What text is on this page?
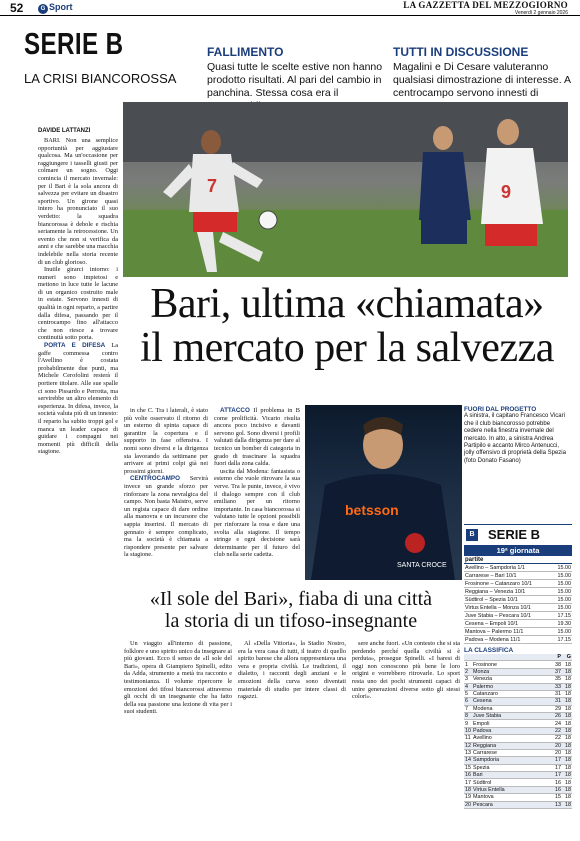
52	G Sport	LA GAZZETTA DEL MEZZOGIORNO
Venerdì 2 gennaio 2026
SERIE B
LA CRISI BIANCOROSSA
FALLIMENTO
Quasi tutte le scelte estive non hanno prodotto risultati. Al pari del cambio in panchina. Stessa cosa era il
TUTTI IN DISCUSSIONE
Magalini e Di Cesare valuteranno qualsiasi dimostrazione di interesse. A centrocampo servono innesti di
7	9
Bari, ultima «chiamata»
il mercato per la salvezza
DAVIDE LATTANZI

BARI. Non una semplice opportunità per aggiustare qualcosa. Ma un'occasione per raggiungere i tasselli giusti per colmare un sogno. Oggi comincia il mercato invernale: per il Bari è la sola ancora di salvezza per evitare un disastro sportivo. Un girone quasi intero ha pronunciato il suo verdetto: la squadra biancorossa è debole e rischia seriamente la retrocessione. Un evento che non si verifica da anni e che sarebbe una macchia indelebile nella storia recente di un club glorioso.

Inutile girarci intorno: i numeri sono impietosi e mettono in luce tutte le lacune di un organico costruito male in estate. Servono innesti di qualità in ogni reparto, a partire dalla difesa, passando per il centrocampo fino all'attacco che non riesce a trovare continuità sotto porta.

PORTA E DIFESA La gaffe commessa contro l'Avellino è costata probabilmente due punti, ma Michele Cerofolini resterà il portiere titolare. Alle sue spalle ci sono Pissardo e Perrotta, ma servirebbe un altro elemento di esperienza. In difesa, invece, la società valuta più di un innesto: il reparto ha subito troppi gol e manca un leader capace di guidare i compagni nei momenti più difficili della stagione.

in che C. Tra i laterali, è stato più volte osservato il ritorno di un esterno di spinta capace di garantire la copertura e il supporto in fase offensiva. I nomi sono diversi e la dirigenza sta lavorando da settimane per arrivare ai primi colpi già nei prossimi giorni.

CENTROCAMPO Servirà invece un grande sforzo per rinforzare la zona nevralgica del campo. Non basta Maistro, serve un regista capace di dare ordine alla manovra e un incursore che sappia inserirsi. Il mercato di gennaio è sempre complicato, ma la società è chiamata a rispondere presente per salvare la stagione.

ATTACCO Il problema in B come prolificità. Vicario risulta ancora poco incisivo e davanti servono gol. Sono diversi i profili valutati dalla dirigenza per dare al tecnico un bomber di categoria in grado di trascinare la squadra fuori dalla zona calda.

uscita dal Modena: fantasista o esterno che vuole ritrovare la sua verve. Tra le punte, invece, è vivo il dialogo sempre con il club emiliano per un ritorno importante. In casa biancorossa si valutano tutte le opzioni possibili per rinforzare la rosa e dare una svolta alla stagione. Il tempo stringe e ogni decisione sarà determinante per il futuro del club nella serie cadetta.

betsson
SANTA CROCE
FUORI DAL PROGETTO
A sinistra, il capitano Francesco Vicari che il club biancorosso potrebbe cedere nella finestra invernale del mercato. In alto, a sinistra Andrea Partipilo e accanto Mirco Antenucci, jolly offensivo di proprietà della Spezia (foto Donato Fasano)
«Il sole del Bari», fiaba di una città
la storia di un tifoso-insegnante

Un viaggio all'interno di passione, folklore e uno spirito unico da insegnare ai più giovani. Ecco il senso de «Il sole del Bari», opera di Giampiero Spinelli, edito da Adda, strumento a metà tra racconto e testimonianza. Il volume ripercorre le emozioni dei tifosi biancorossi attraverso gli occhi di un insegnante che ha fatto della sua passione una lezione di vita per i suoi studenti.

Al «Della Vittoria», la Stadio Nostro, era la vera casa di tutti, il teatro di quello spirito barese che allora rappresentava una vera e propria civiltà. Le tradizioni, il dialetto, i racconti degli anziani e le emozioni della curva sono diventati materiale di studio per intere classi di ragazzi.

sere anche fuori. «Un contesto che si sta perdendo perché quella civiltà si è perduta», prosegue Spinelli. «I baresi di oggi non conoscono più bene le loro origini e vorrebbero ritrovarle. Lo sport resta uno dei pochi strumenti capaci di unire generazioni diverse sotto gli stessi colori».

B SERIE B
19ª giornata
partite	
Avellino – Sampdoria 1/1	15.00
Carrarese – Bari 10/1	15.00
Frosinone – Catanzaro 10/1	15.00
Reggiana – Venezia 10/1	15.00
Südtirol – Spezia 10/1	15.00
Virtus Entella – Monza 10/1	15.00
Juve Stabia – Pescara 10/1	17.15
Cesena – Empoli 10/1	19.30
Mantova – Palermo 11/1	15.00
Padova – Modena 11/1	17.15
LA CLASSIFICA
		P	G
1	Frosinone	38	18
2	Monza	37	18
3	Venezia	35	18
4	Palermo	33	18
5	Catanzaro	31	18
6	Cesena	31	18
7	Modena	29	18
8	Juve Stabia	26	18
9	Empoli	24	18
10	Padova	22	18
11	Avellino	22	18
12	Reggiana	20	18
13	Carrarese	20	18
14	Sampdoria	17	18
15	Spezia	17	18
16	Bari	17	18
17	Südtirol	16	18
18	Virtus Entella	16	18
19	Mantova	15	18
20	Pescara	13	18
